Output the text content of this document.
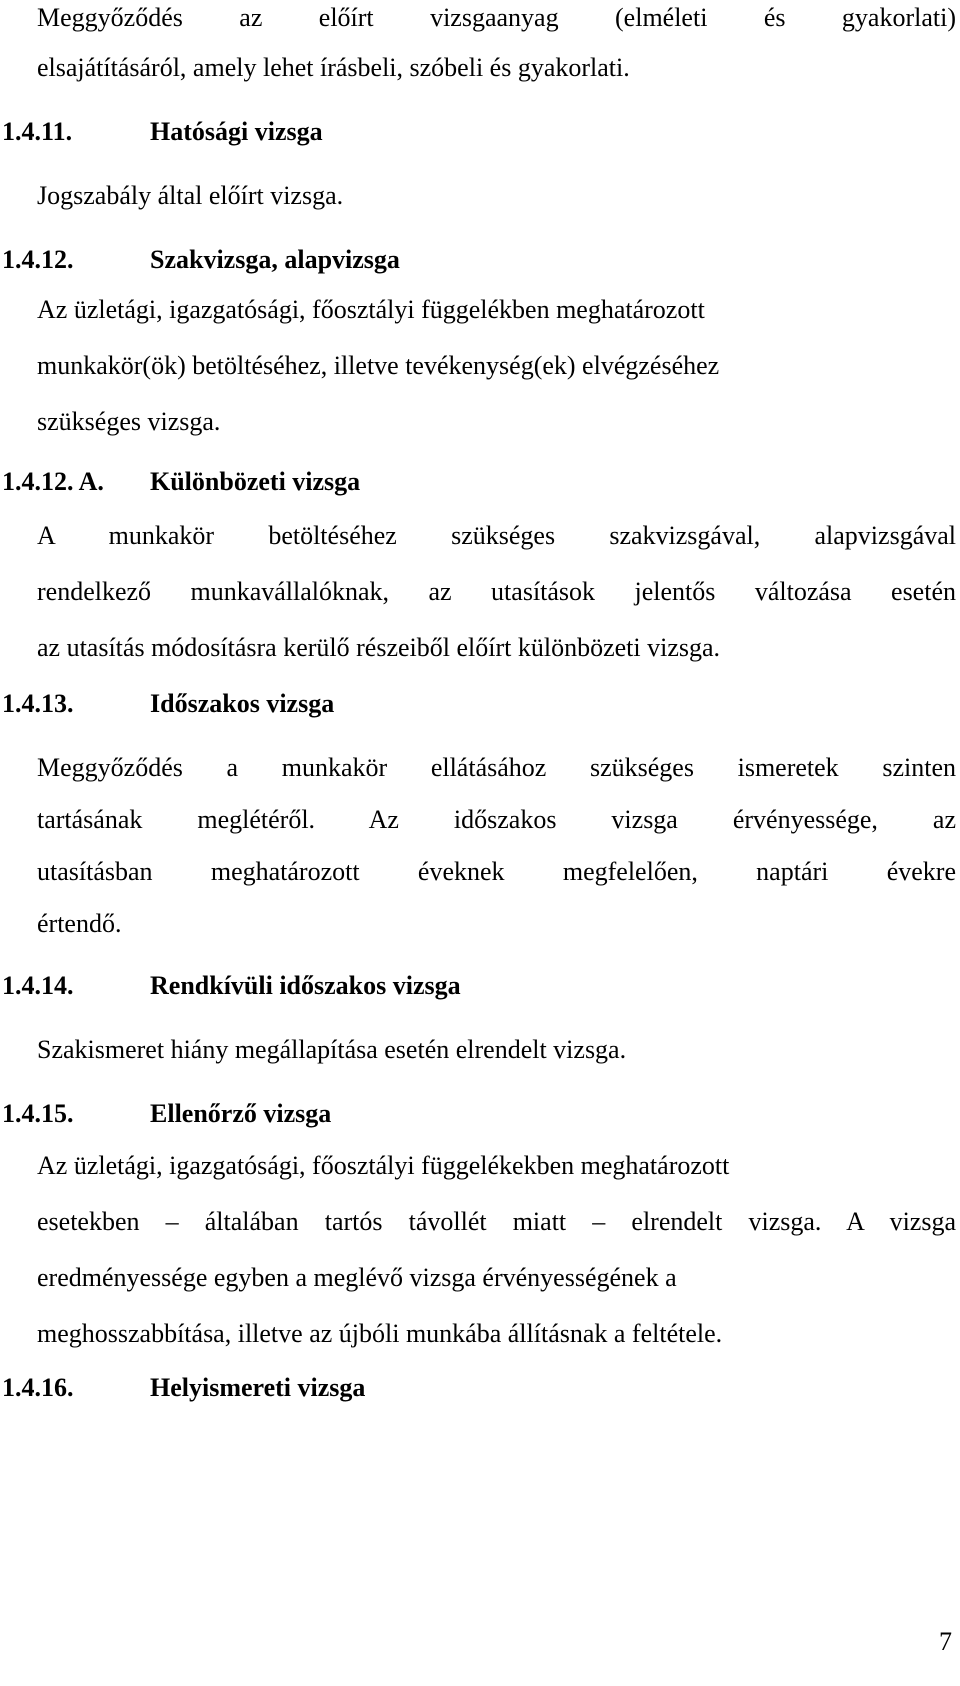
Meggyőződés az előírt vizsgaanyag (elméleti és gyakorlati)
elsajátításáról, amely lehet írásbeli, szóbeli és gyakorlati.
1.4.11.	Hatósági vizsga
Jogszabály által előírt vizsga.
1.4.12.	Szakvizsga, alapvizsga
Az üzletági, igazgatósági, főosztályi függelékben meghatározott
munkakör(ök) betöltéséhez, illetve tevékenység(ek) elvégzéséhez
szükséges vizsga.
1.4.12. A. Különbözeti vizsga
A munkakör betöltéséhez szükséges szakvizsgával, alapvizsgával
rendelkező munkavállalóknak, az utasítások jelentős változása esetén
az utasítás módosításra kerülő részeiből előírt különbözeti vizsga.
1.4.13.	Időszakos vizsga
Meggyőződés a munkakör ellátásához szükséges ismeretek szinten
tartásának meglétéről. Az időszakos vizsga érvényessége, az
utasításban meghatározott éveknek megfelelően, naptári évekre
értendő.
1.4.14.	Rendkívüli időszakos vizsga
Szakismeret hiány megállapítása esetén elrendelt vizsga.
1.4.15.	Ellenőrző vizsga
Az üzletági, igazgatósági, főosztályi függelékekben meghatározott
esetekben – általában tartós távollét miatt – elrendelt vizsga. A vizsga
eredményessége egyben a meglévő vizsga érvényességének a
meghosszabbítása, illetve az újbóli munkába állításnak a feltétele.
1.4.16.	Helyismereti vizsga
7
